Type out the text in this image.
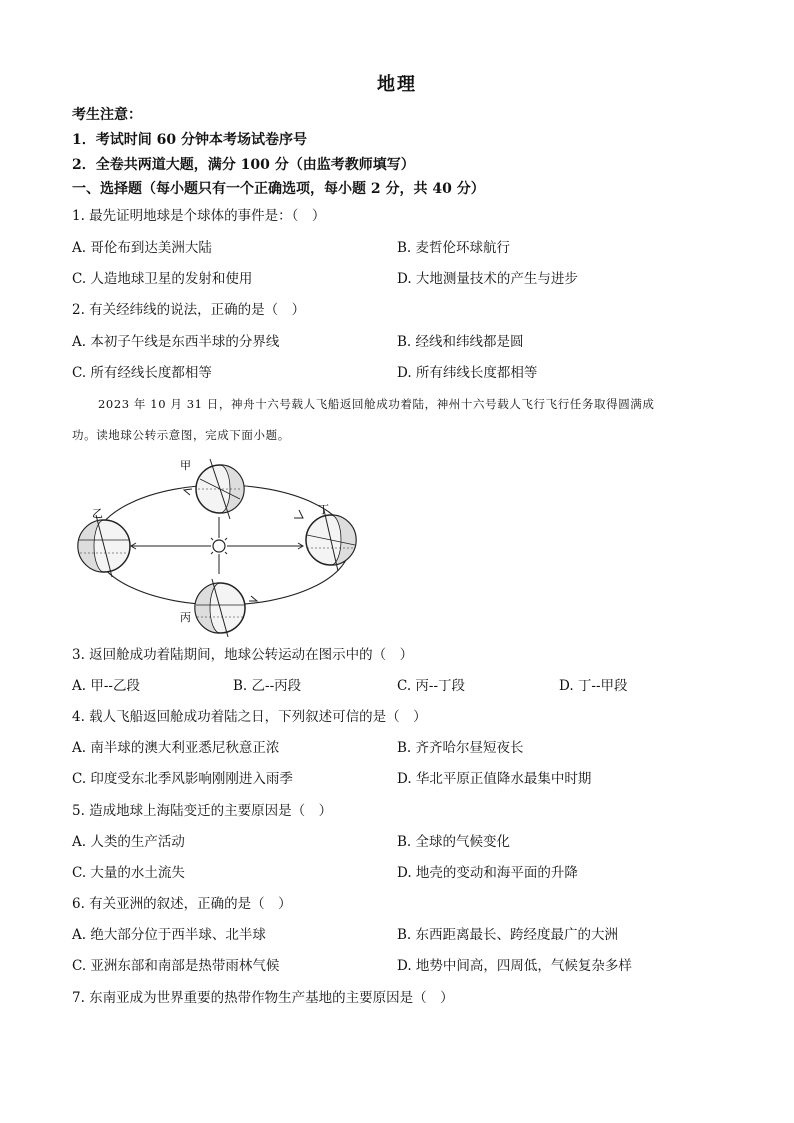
地理
考生注意：
1．考试时间 60 分钟本考场试卷序号
2．全卷共两道大题，满分 100 分（由监考教师填写）
一、选择题（每小题只有一个正确选项，每小题 2 分，共 40 分）
1. 最先证明地球是个球体的事件是：（　）
A. 哥伦布到达美洲大陆	B. 麦哲伦环球航行
C. 人造地球卫星的发射和使用	D. 大地测量技术的产生与进步
2. 有关经纬线的说法，正确的是（　）
A. 本初子午线是东西半球的分界线	B. 经线和纬线都是圆
C. 所有经线长度都相等	D. 所有纬线长度都相等
2023 年 10 月 31 日，神舟十六号载人飞船返回舱成功着陆，神州十六号载人飞行飞行任务取得圆满成
功。读地球公转示意图，完成下面小题。
甲
乙	丁
丙
3. 返回舱成功着陆期间，地球公转运动在图示中的（　）
A. 甲--乙段	B. 乙--丙段	C. 丙--丁段	D. 丁--甲段
4. 载人飞船返回舱成功着陆之日，下列叙述可信的是（　）
A. 南半球的澳大利亚悉尼秋意正浓	B. 齐齐哈尔昼短夜长
C. 印度受东北季风影响刚刚进入雨季	D. 华北平原正值降水最集中时期
5. 造成地球上海陆变迁的主要原因是（　）
A. 人类的生产活动	B. 全球的气候变化
C. 大量的水土流失	D. 地壳的变动和海平面的升降
6. 有关亚洲的叙述，正确的是（　）
A. 绝大部分位于西半球、北半球	B. 东西距离最长、跨经度最广的大洲
C. 亚洲东部和南部是热带雨林气候	D. 地势中间高，四周低，气候复杂多样
7. 东南亚成为世界重要的热带作物生产基地的主要原因是（　）
